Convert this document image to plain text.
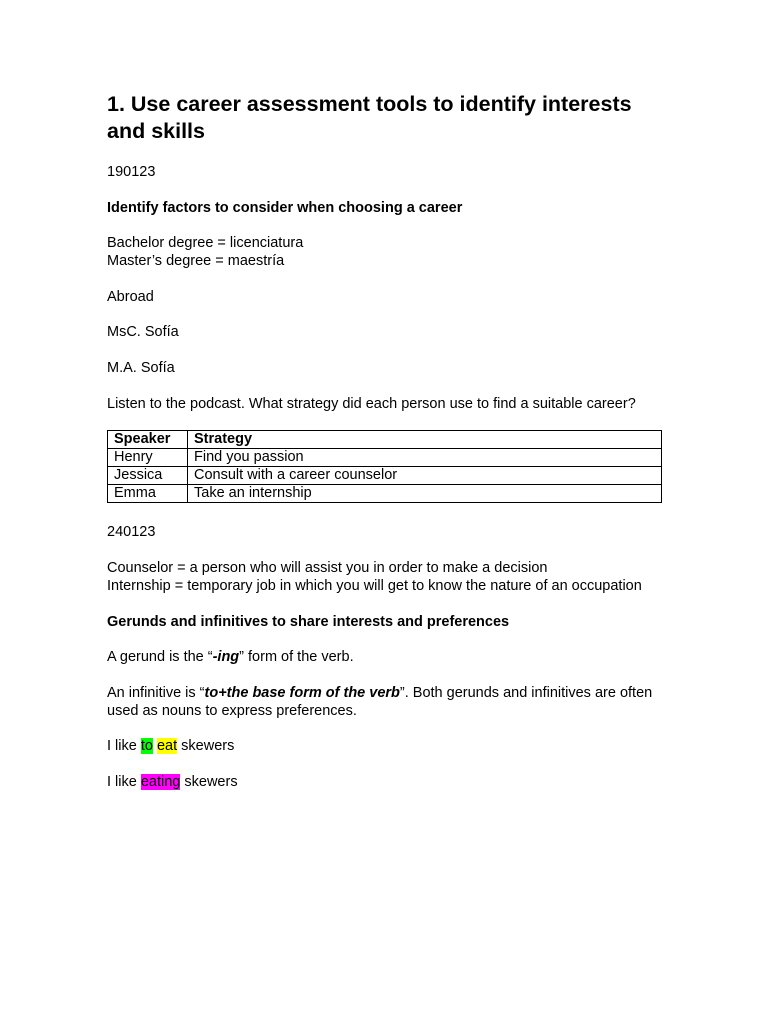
1. Use career assessment tools to identify interests and skills

190123

Identify factors to consider when choosing a career

Bachelor degree = licenciatura

Master’s degree = maestría

Abroad

MsC. Sofía

M.A. Sofía

Listen to the podcast. What strategy did each person use to find a suitable career?

Speaker	Strategy
Henry	Find you passion
Jessica	Consult with a career counselor
Emma	Take an internship

240123

Counselor = a person who will assist you in order to make a decision

Internship = temporary job in which you will get to know the nature of an occupation

Gerunds and infinitives to share interests and preferences

A gerund is the “-ing” form of the verb.

An infinitive is “to+the base form of the verb”. Both gerunds and infinitives are often used as nouns to express preferences.

I like to eat skewers

I like eating skewers
